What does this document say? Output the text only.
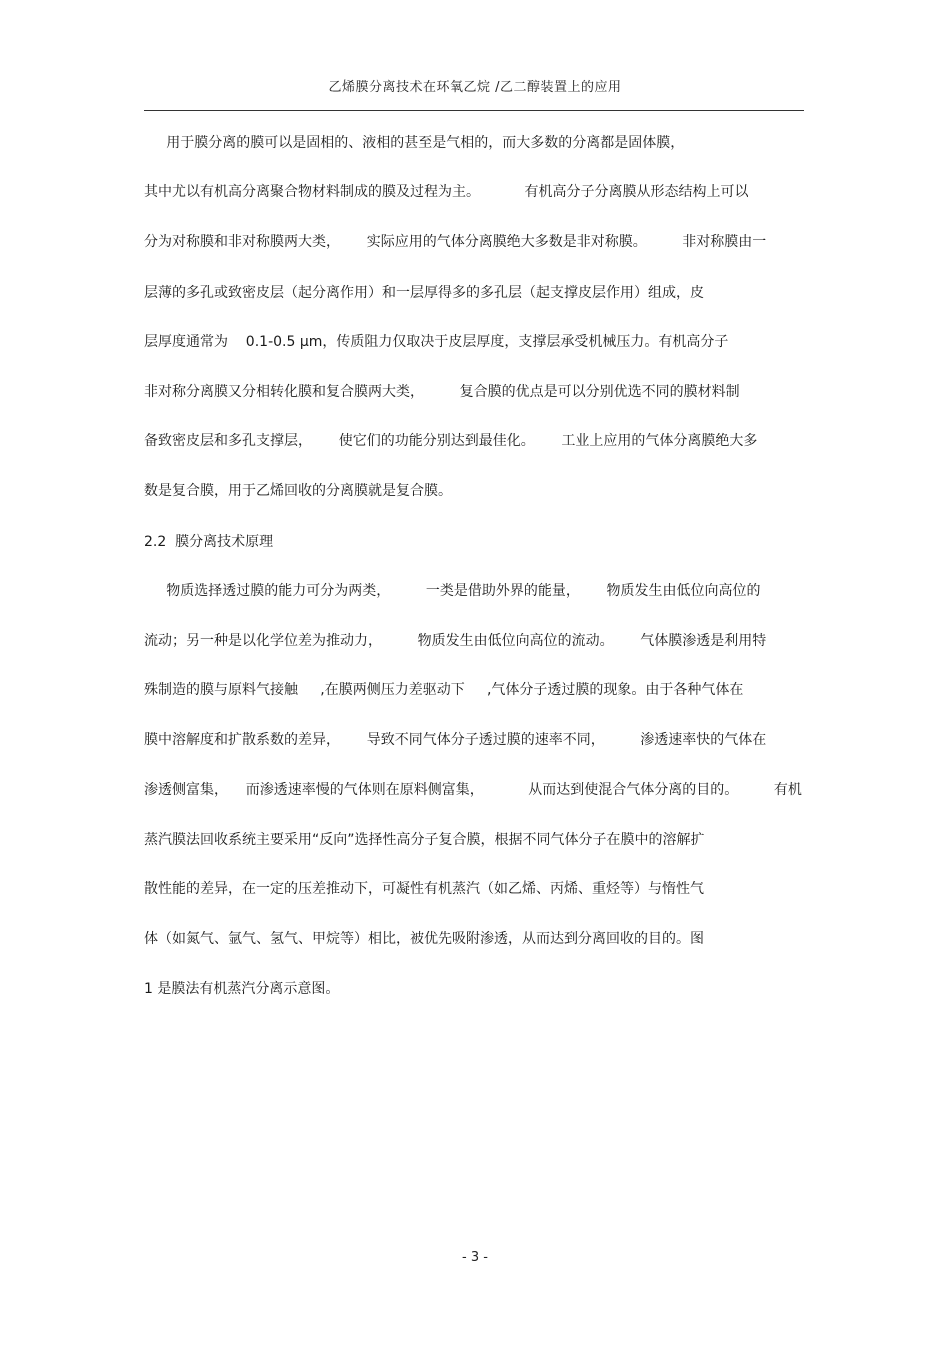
乙烯膜分离技术在环氧乙烷 /乙二醇装置上的应用
用于膜分离的膜可以是固相的、液相的甚至是气相的，而大多数的分离都是固体膜，
其中尤以有机高分离聚合物材料制成的膜及过程为主。          有机高分子分离膜从形态结构上可以
分为对称膜和非对称膜两大类，      实际应用的气体分离膜绝大多数是非对称膜。        非对称膜由一
层薄的多孔或致密皮层（起分离作用）和一层厚得多的多孔层（起支撑皮层作用）组成，皮
层厚度通常为    0.1-0.5 μm，传质阻力仅取决于皮层厚度，支撑层承受机械压力。有机高分子
非对称分离膜又分相转化膜和复合膜两大类，        复合膜的优点是可以分别优选不同的膜材料制
备致密皮层和多孔支撑层，      使它们的功能分别达到最佳化。      工业上应用的气体分离膜绝大多
数是复合膜，用于乙烯回收的分离膜就是复合膜。
2.2  膜分离技术原理
物质选择透过膜的能力可分为两类，        一类是借助外界的能量，      物质发生由低位向高位的
流动；另一种是以化学位差为推动力，        物质发生由低位向高位的流动。      气体膜渗透是利用特
殊制造的膜与原料气接触     ,在膜两侧压力差驱动下     ,气体分子透过膜的现象。由于各种气体在
膜中溶解度和扩散系数的差异，      导致不同气体分子透过膜的速率不同，        渗透速率快的气体在
渗透侧富集，    而渗透速率慢的气体则在原料侧富集，          从而达到使混合气体分离的目的。        有机
蒸汽膜法回收系统主要采用“反向”选择性高分子复合膜，根据不同气体分子在膜中的溶解扩
散性能的差异，在一定的压差推动下，可凝性有机蒸汽（如乙烯、丙烯、重烃等）与惰性气
体（如氮气、氩气、氢气、甲烷等）相比，被优先吸附渗透，从而达到分离回收的目的。图
1 是膜法有机蒸汽分离示意图。
- 3 -
